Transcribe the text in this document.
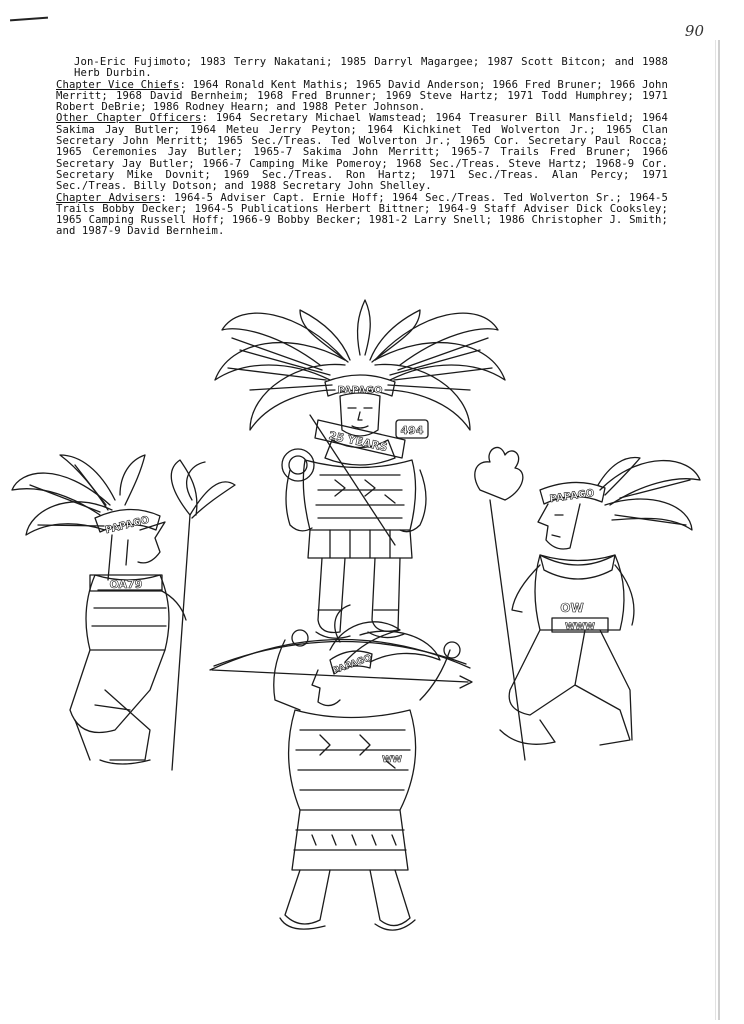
90

Jon-Eric Fujimoto; 1983 Terry Nakatani; 1985 Darryl Magargee; 1987 Scott Bitcon; and 1988 Herb Durbin.

Chapter Vice Chiefs: 1964 Ronald Kent Mathis; 1965 David Anderson; 1966 Fred Bruner; 1966 John Merritt; 1968 David Bernheim; 1968 Fred Brunner; 1969 Steve Hartz; 1971 Todd Humphrey; 1971 Robert DeBrie; 1986 Rodney Hearn; and 1988 Peter Johnson.

Other Chapter Officers: 1964 Secretary Michael Wamstead; 1964 Treasurer Bill Mansfield; 1964 Sakima Jay Butler; 1964 Meteu Jerry Peyton; 1964 Kichkinet Ted Wolverton Jr.; 1965 Clan Secretary John Merritt; 1965 Sec./Treas. Ted Wolverton Jr.; 1965 Cor. Secretary Paul Rocca; 1965 Ceremonies Jay Butler; 1965-7 Sakima John Merritt; 1965-7 Trails Fred Bruner; 1966 Secretary Jay Butler; 1966-7 Camping Mike Pomeroy; 1968 Sec./Treas. Steve Hartz; 1968-9 Cor. Secretary Mike Dovnit; 1969 Sec./Treas. Ron Hartz; 1971 Sec./Treas. Alan Percy; 1971 Sec./Treas. Billy Dotson; and 1988 Secretary John Shelley.

Chapter Advisers: 1964-5 Adviser Capt. Ernie Hoff; 1964 Sec./Treas. Ted Wolverton Sr.; 1964-5 Trails Bobby Decker; 1964-5 Publications Herbert Bittner; 1964-9 Staff Adviser Dick Cooksley; 1965 Camping Russell Hoff; 1966-9 Bobby Becker; 1981-2 Larry Snell; 1986 Christopher J. Smith; and 1987-9 David Bernheim.

PAPAGO
25 YEARS 494
PAPAGO
OA79
PAPAGO
OW
WWW
PAPAGO
WW
